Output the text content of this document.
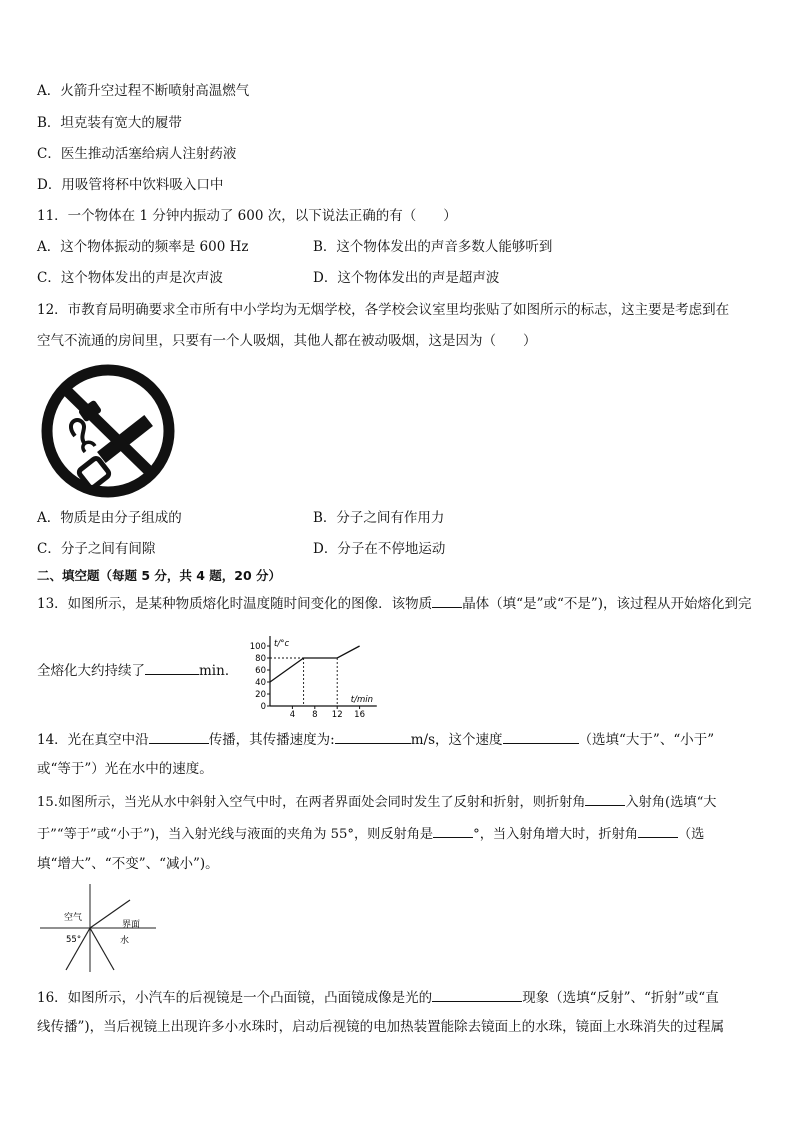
A．火箭升空过程不断喷射高温燃气
B．坦克装有宽大的履带
C．医生推动活塞给病人注射药液
D．用吸管将杯中饮料吸入口中
11．一个物体在 1 分钟内振动了 600 次，以下说法正确的有（　　）
A．这个物体振动的频率是 600 Hz	B．这个物体发出的声音多数人能够听到
C．这个物体发出的声是次声波	D．这个物体发出的声是超声波
12．市教育局明确要求全市所有中小学均为无烟学校，各学校会议室里均张贴了如图所示的标志，这主要是考虑到在
空气不流通的房间里，只要有一个人吸烟，其他人都在被动吸烟，这是因为（　　）
A．物质是由分子组成的	B．分子之间有作用力
C．分子之间有间隙	D．分子在不停地运动
二、填空题（每题 5 分，共 4 题，20 分）
13．如图所示，是某种物质熔化时温度随时间变化的图像．该物质 晶体（填“是”或“不是”)，该过程从开始熔化到完
全熔化大约持续了	min．
100
80
60
40
20
0
4 8 12 16
t/°c
t/min
14．光在真空中沿	传播，其传播速度为:	m/s，这个速度	（选填“大于”、“小于”
或“等于”）光在水中的速度。
15.如图所示，当光从水中斜射入空气中时，在两者界面处会同时发生了反射和折射，则折射角	入射角(选填“大
于”“等于”或“小于”)，当入射光线与液面的夹角为 55°，则反射角是	°，当入射角增大时，折射角	（选
填“增大”、“不变”、“减小”)。
空气
界面
水
55°
16．如图所示，小汽车的后视镜是一个凸面镜，凸面镜成像是光的	现象（选填“反射”、“折射”或“直
线传播”)，当后视镜上出现许多小水珠时，启动后视镜的电加热装置能除去镜面上的水珠，镜面上水珠消失的过程属
